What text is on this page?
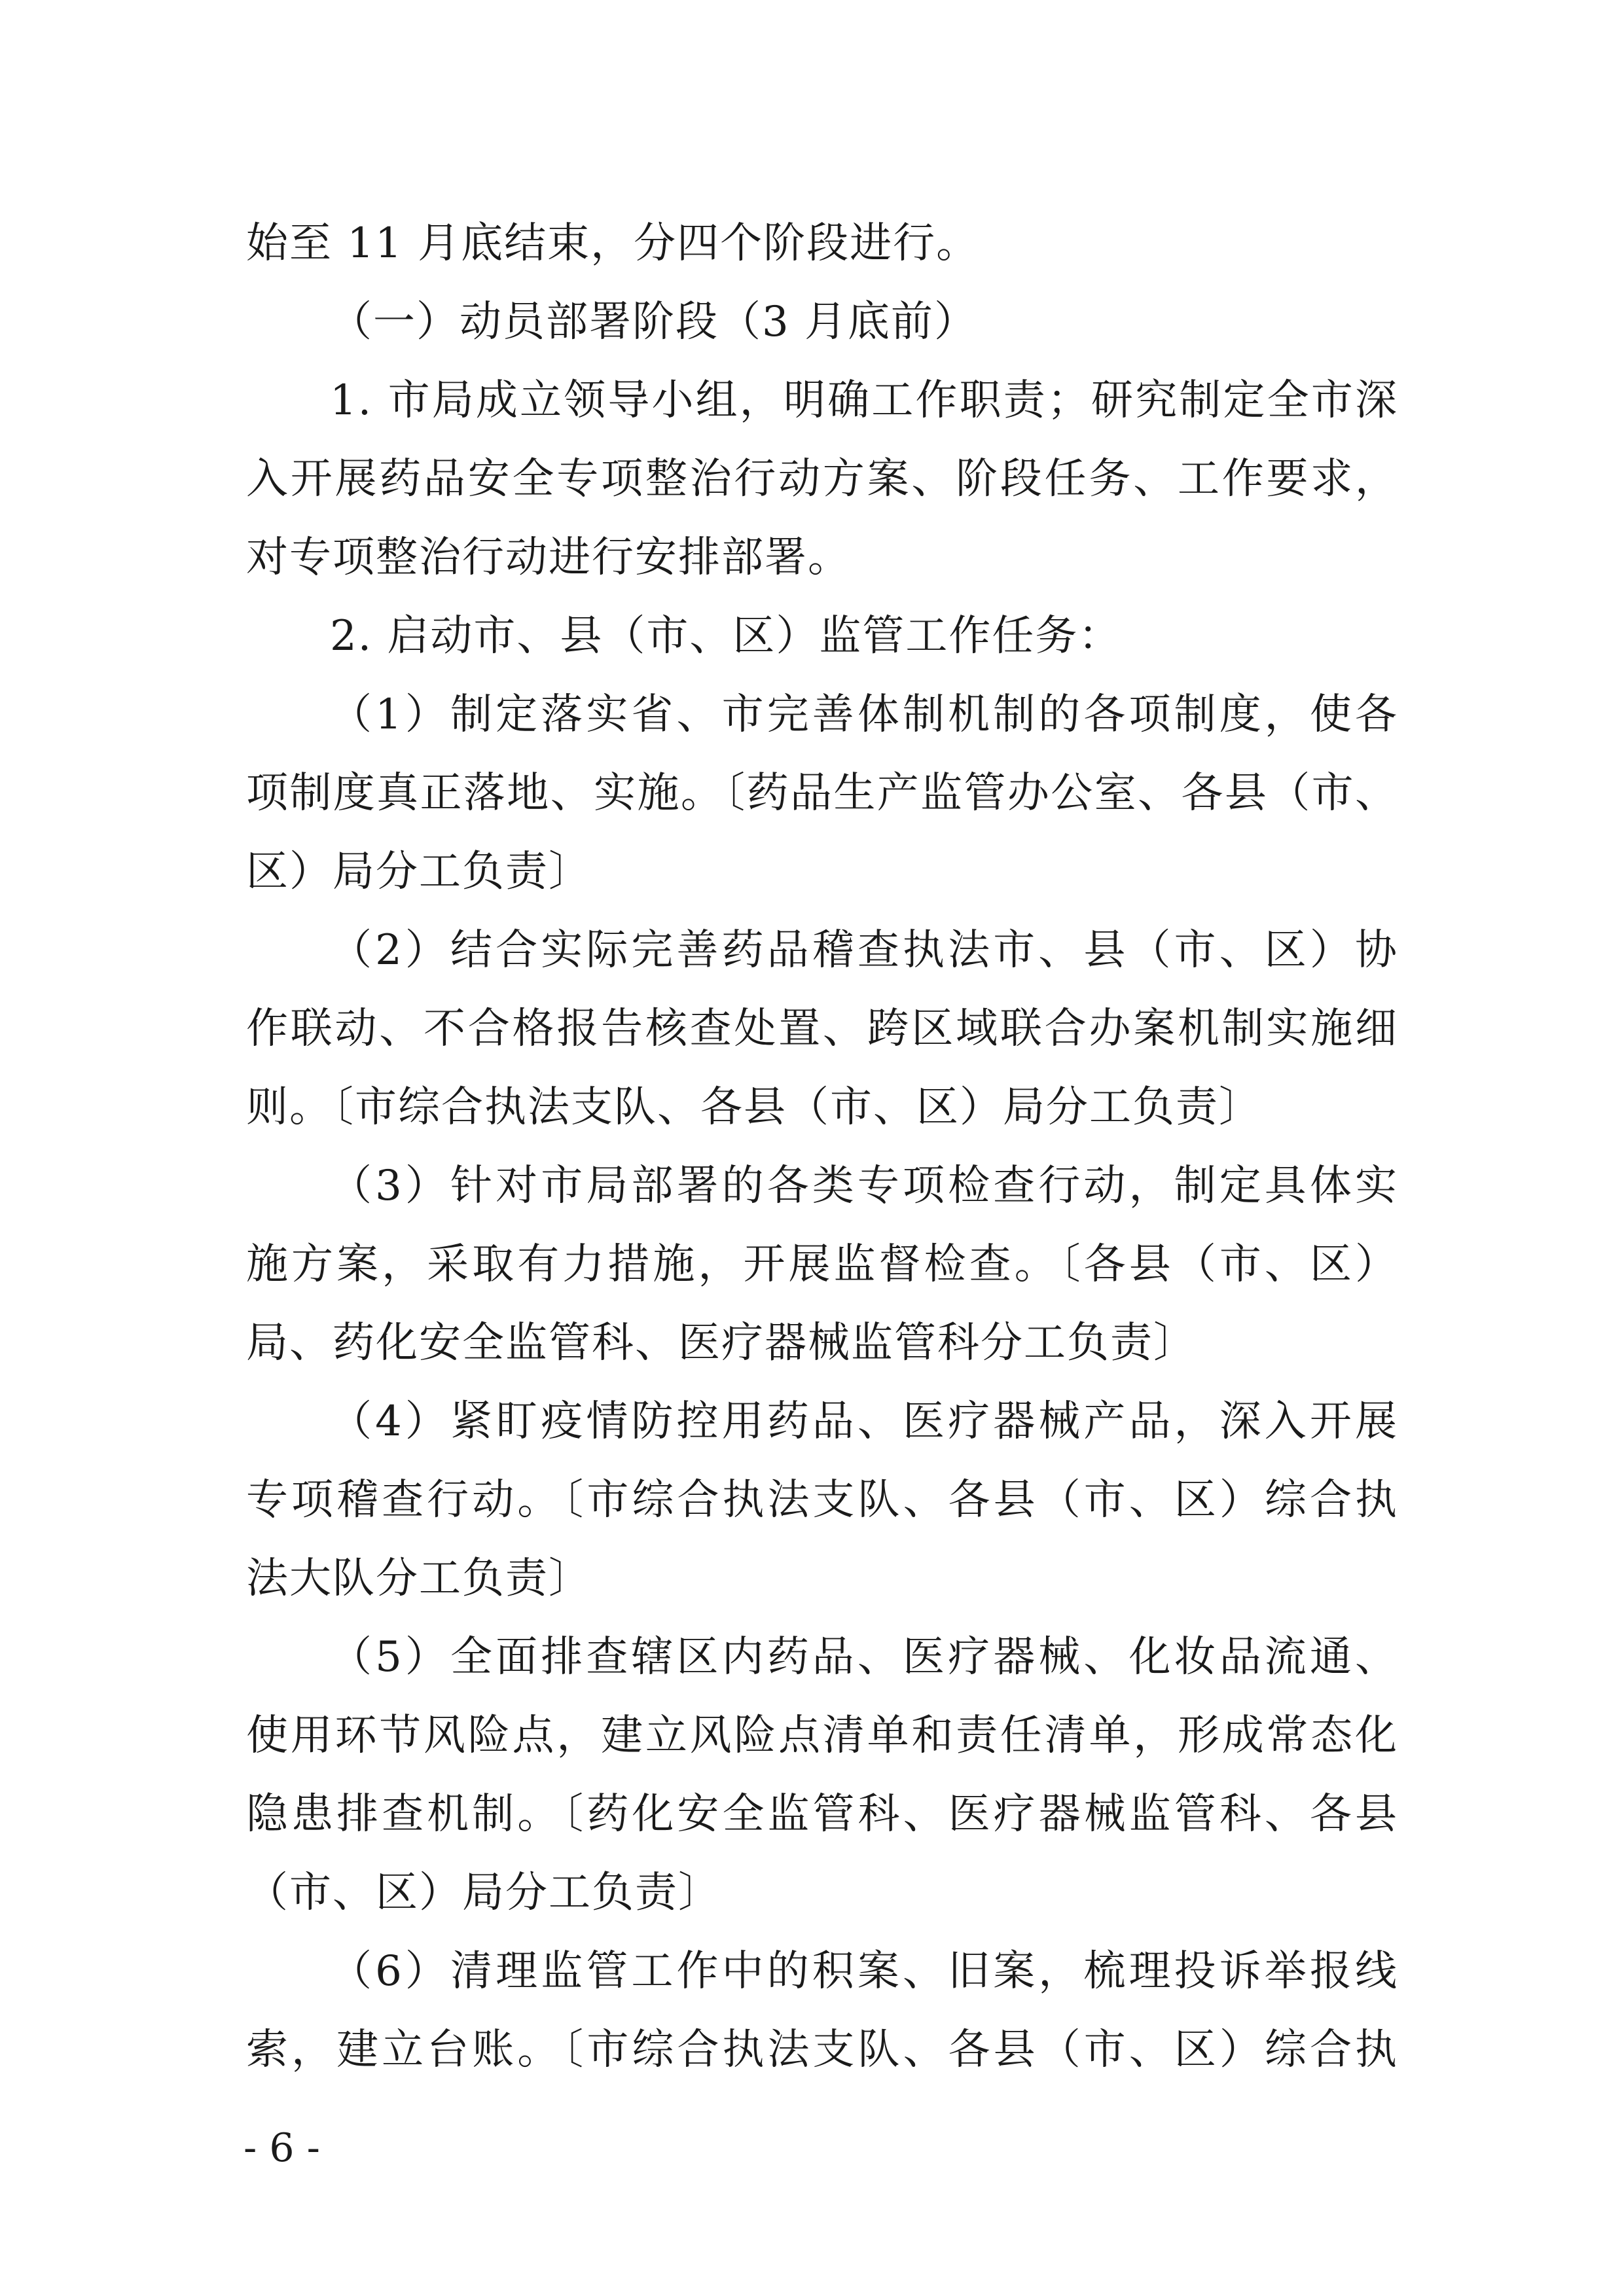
始至 11 月底结束，分四个阶段进行。
（一）动员部署阶段（3 月底前）
1. 市局成立领导小组，明确工作职责；研究制定全市深
入开展药品安全专项整治行动方案、阶段任务、工作要求，
对专项整治行动进行安排部署。
2. 启动市、县（市、区）监管工作任务：
（1）制定落实省、市完善体制机制的各项制度，使各
项制度真正落地、实施。〔药品生产监管办公室、各县（市、
区）局分工负责〕
（2）结合实际完善药品稽查执法市、县（市、区）协
作联动、不合格报告核查处置、跨区域联合办案机制实施细
则。〔市综合执法支队、各县（市、区）局分工负责〕
（3）针对市局部署的各类专项检查行动，制定具体实
施方案，采取有力措施，开展监督检查。〔各县（市、区）
局、药化安全监管科、医疗器械监管科分工负责〕
（4）紧盯疫情防控用药品、医疗器械产品，深入开展
专项稽查行动。〔市综合执法支队、各县（市、区）综合执
法大队分工负责〕
（5）全面排查辖区内药品、医疗器械、化妆品流通、
使用环节风险点，建立风险点清单和责任清单，形成常态化
隐患排查机制。〔药化安全监管科、医疗器械监管科、各县
（市、区）局分工负责〕
（6）清理监管工作中的积案、旧案，梳理投诉举报线
索，建立台账。〔市综合执法支队、各县（市、区）综合执
- 6 -
